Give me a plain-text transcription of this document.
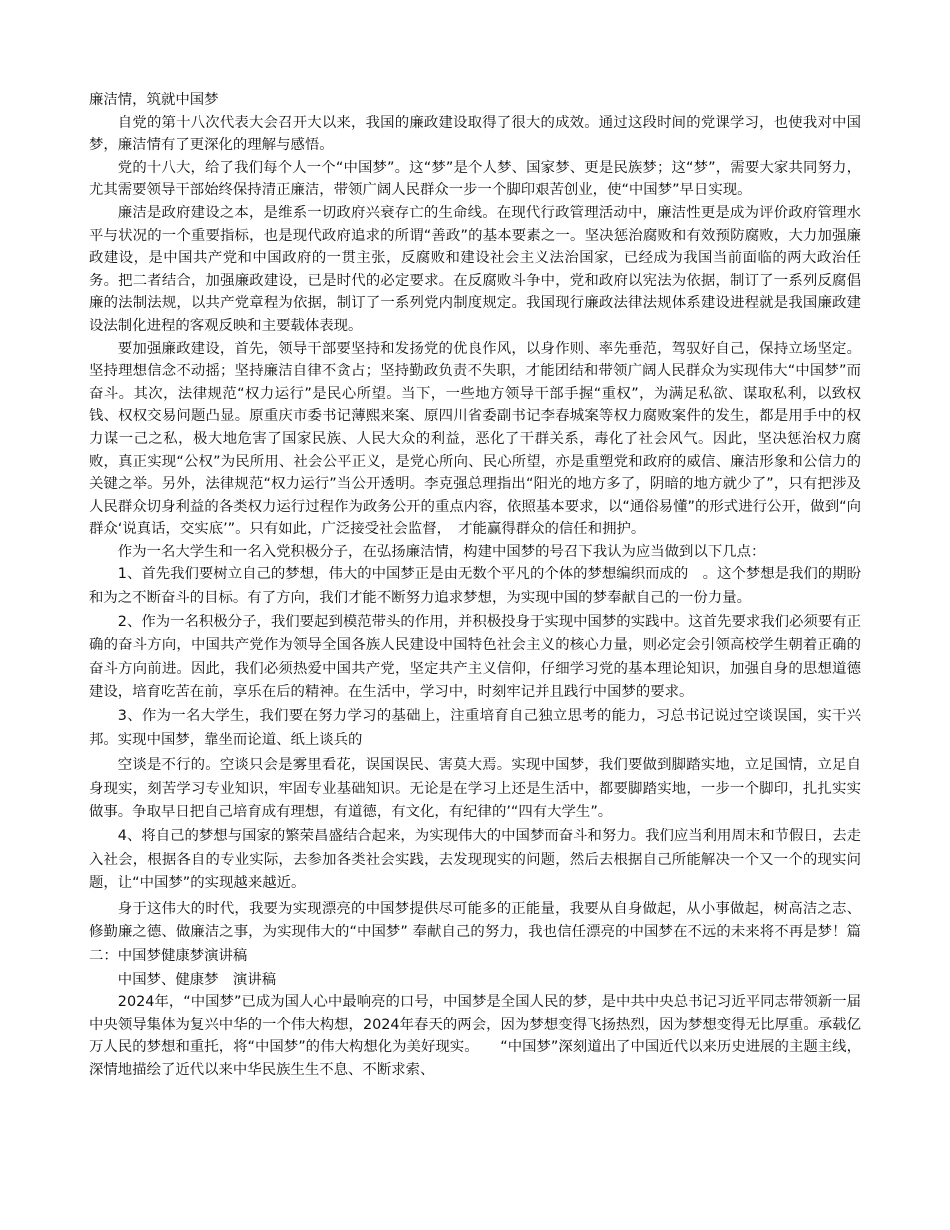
廉洁情，筑就中国梦

自党的第十八次代表大会召开大以来，我国的廉政建设取得了很大的成效。通过这段时间的党课学习，也使我对中国梦，廉洁情有了更深化的理解与感悟。

党的十八大，给了我们每个人一个“中国梦”。这“梦”是个人梦、国家梦、更是民族梦；这“梦”，需要大家共同努力，尤其需要领导干部始终保持清正廉洁，带领广阔人民群众一步一个脚印艰苦创业，使“中国梦”早日实现。

廉洁是政府建设之本，是维系一切政府兴衰存亡的生命线。在现代行政管理活动中，廉洁性更是成为评价政府管理水平与状况的一个重要指标，也是现代政府追求的所谓“善政”的基本要素之一。坚决惩治腐败和有效预防腐败，大力加强廉政建设，是中国共产党和中国政府的一贯主张，反腐败和建设社会主义法治国家，已经成为我国当前面临的两大政治任务。把二者结合，加强廉政建设，已是时代的必定要求。在反腐败斗争中，党和政府以宪法为依据，制订了一系列反腐倡廉的法制法规，以共产党章程为依据，制订了一系列党内制度规定。我国现行廉政法律法规体系建设进程就是我国廉政建设法制化进程的客观反映和主要载体表现。

要加强廉政建设，首先，领导干部要坚持和发扬党的优良作风，以身作则、率先垂范，驾驭好自己，保持立场坚定。坚持理想信念不动摇；坚持廉洁自律不贪占；坚持勤政负责不失职，才能团结和带领广阔人民群众为实现伟大“中国梦”而奋斗。其次，法律规范“权力运行”是民心所望。当下，一些地方领导干部手握“重权”，为满足私欲、谋取私利，以致权钱、权权交易问题凸显。原重庆市委书记薄熙来案、原四川省委副书记李春城案等权力腐败案件的发生，都是用手中的权力谋一己之私，极大地危害了国家民族、人民大众的利益，恶化了干群关系，毒化了社会风气。因此，坚决惩治权力腐败，真正实现“公权”为民所用、社会公平正义，是党心所向、民心所望，亦是重塑党和政府的威信、廉洁形象和公信力的关键之举。另外，法律规范“权力运行”当公开透明。李克强总理指出“阳光的地方多了，阴暗的地方就少了”，只有把涉及人民群众切身利益的各类权力运行过程作为政务公开的重点内容，依照基本要求，以“通俗易懂”的形式进行公开，做到“向群众‘说真话，交实底’”。只有如此，广泛接受社会监督，　才能赢得群众的信任和拥护。

作为一名大学生和一名入党积极分子，在弘扬廉洁情，构建中国梦的号召下我认为应当做到以下几点：

1、首先我们要树立自己的梦想，伟大的中国梦正是由无数个平凡的个体的梦想编织而成的　。这个梦想是我们的期盼和为之不断奋斗的目标。有了方向，我们才能不断努力追求梦想，为实现中国的梦奉献自己的一份力量。

2、作为一名积极分子，我们要起到模范带头的作用，并积极投身于实现中国梦的实践中。这首先要求我们必须要有正确的奋斗方向，中国共产党作为领导全国各族人民建设中国特色社会主义的核心力量，则必定会引领高校学生朝着正确的奋斗方向前进。因此，我们必须热爱中国共产党，坚定共产主义信仰，仔细学习党的基本理论知识，加强自身的思想道德建设，培育吃苦在前，享乐在后的精神。在生活中，学习中，时刻牢记并且践行中国梦的要求。

3、作为一名大学生，我们要在努力学习的基础上，注重培育自己独立思考的能力，习总书记说过空谈误国，实干兴邦。实现中国梦，靠坐而论道、纸上谈兵的

空谈是不行的。空谈只会是雾里看花，误国误民、害莫大焉。实现中国梦，我们要做到脚踏实地，立足国情，立足自身现实，刻苦学习专业知识，牢固专业基础知识。无论是在学习上还是生活中，都要脚踏实地，一步一个脚印，扎扎实实做事。争取早日把自己培育成有理想，有道德，有文化，有纪律的’“四有大学生”。

4、将自己的梦想与国家的繁荣昌盛结合起来，为实现伟大的中国梦而奋斗和努力。我们应当利用周末和节假日，去走入社会，根据各自的专业实际，去参加各类社会实践，去发现现实的问题，然后去根据自己所能解决一个又一个的现实问题，让“中国梦”的实现越来越近。

身于这伟大的时代，我要为实现漂亮的中国梦提供尽可能多的正能量，我要从自身做起，从小事做起，树高洁之志、修勤廉之德、做廉洁之事，为实现伟大的“中国梦” 奉献自己的努力，我也信任漂亮的中国梦在不远的未来将不再是梦！篇二：中国梦健康梦演讲稿

中国梦、健康梦　演讲稿

2024年，“中国梦”已成为国人心中最响亮的口号，中国梦是全国人民的梦，是中共中央总书记习近平同志带领新一届中央领导集体为复兴中华的一个伟大构想，2024年春天的两会，因为梦想变得飞扬热烈，因为梦想变得无比厚重。承载亿万人民的梦想和重托，将“中国梦”的伟大构想化为美好现实。　　“中国梦”深刻道出了中国近代以来历史进展的主题主线，深情地描绘了近代以来中华民族生生不息、不断求索、
